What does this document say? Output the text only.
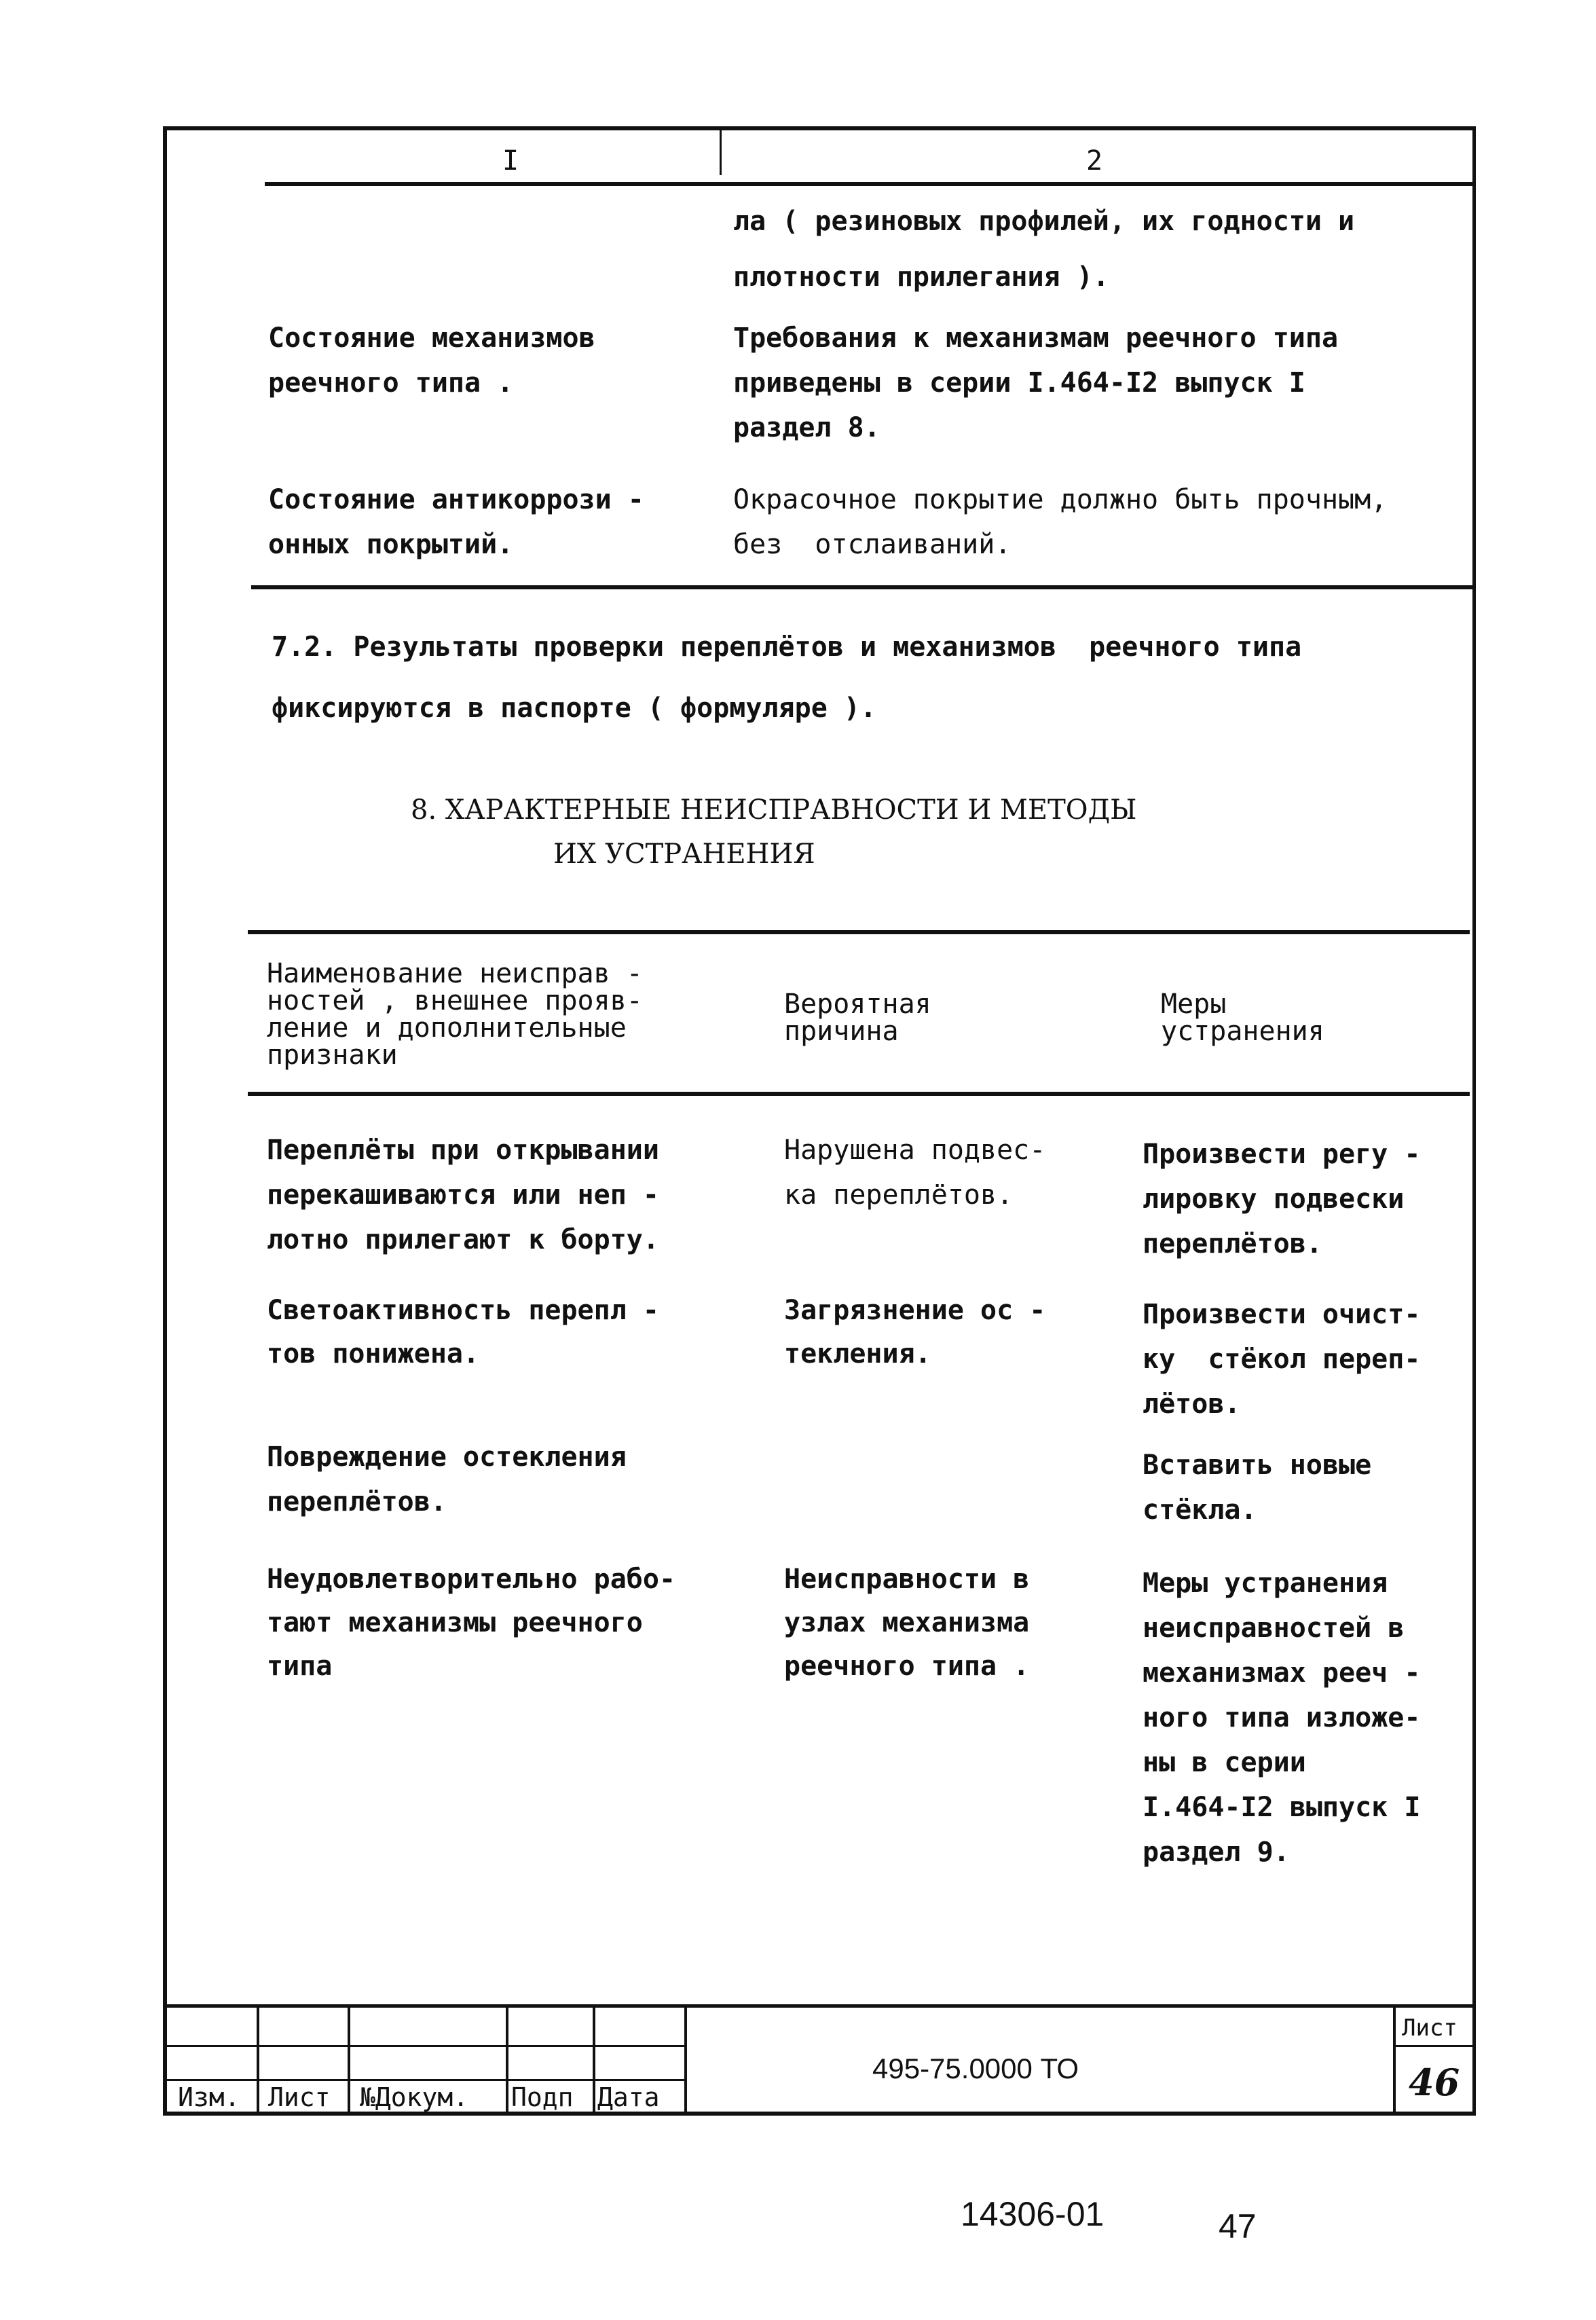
I	2
ла ( резиновых профилей, их годности и
плотности прилегания ).
Состояние механизмов
реечного типа .
Требования к механизмам реечного типа
приведены в серии I.464-I2 выпуск I
раздел 8.
Состояние антикоррози -
онных покрытий.
Окрасочное покрытие должно быть прочным,
без  отслаиваний.
7.2. Результаты проверки переплётов и механизмов  реечного типа
фиксируются в паспорте ( формуляре ).
8. ХАРАКТЕРНЫЕ НЕИСПРАВНОСТИ И МЕТОДЫ
ИХ УСТРАНЕНИЯ
Наименование неисправ -
ностей , внешнее прояв-
ление и дополнительные
признаки
Вероятная
причина
Меры
устранения
Переплёты при открывании
перекашиваются или неп -
лотно прилегают к борту.
Нарушена подвес-
ка переплётов.
Произвести регу -
лировку подвески
переплётов.
Светоактивность перепл -
тов понижена.
Загрязнение ос -
текления.
Произвести очист-
ку  стёкол переп-
лётов.
Повреждение остекления
переплётов.
Вставить новые
стёкла.
Неудовлетворительно рабо-
тают механизмы реечного
типа
Неисправности в
узлах механизма
реечного типа .
Меры устранения
неисправностей в
механизмах рееч -
ного типа изложе-
ны в серии
I.464-I2 выпуск I
раздел 9.
Изм. Лист №Докум. Подп Дата
495-75.0000 ТО
Лист
46
14306-01	47
